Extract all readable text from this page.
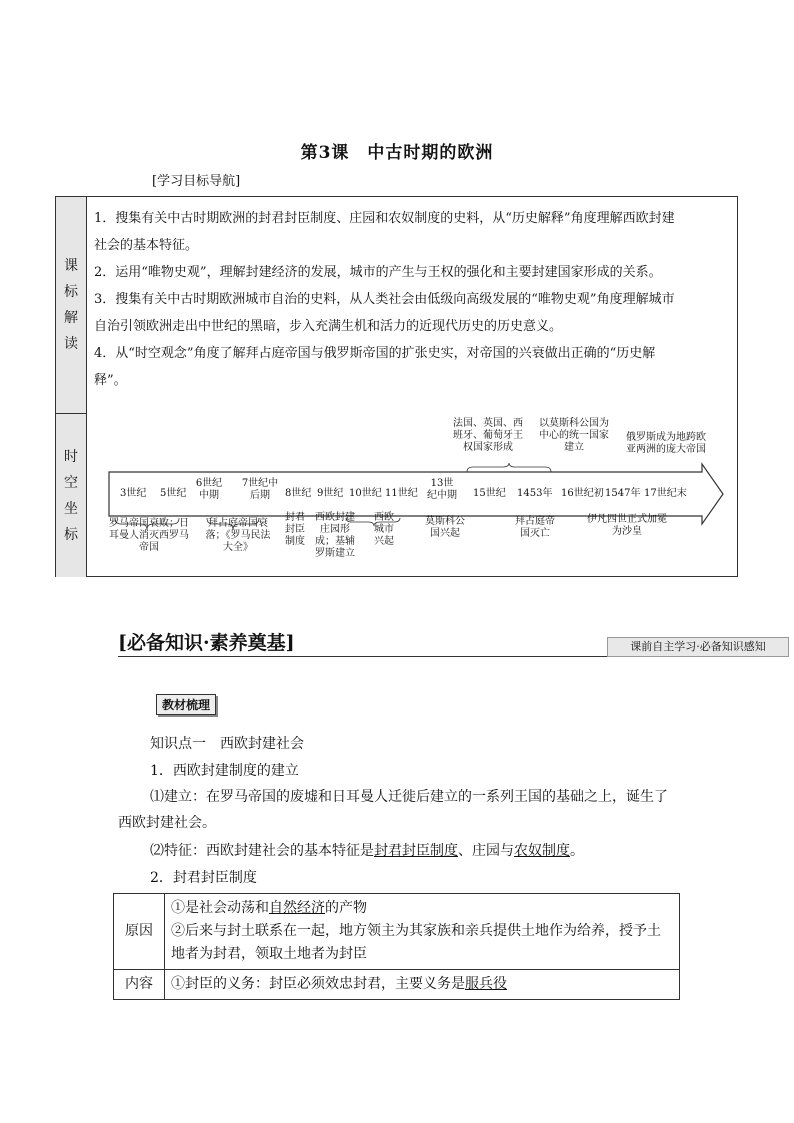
第3课　中古时期的欧洲
[学习目标导航]
课
标
解
读

1．搜集有关中古时期欧洲的封君封臣制度、庄园和农奴制度的史料，从“历史解释”角度理解西欧封建

社会的基本特征。

2．运用“唯物史观”，理解封建经济的发展，城市的产生与王权的强化和主要封建国家形成的关系。

3．搜集有关中古时期欧洲城市自治的史料，从人类社会由低级向高级发展的“唯物史观”角度理解城市

自治引领欧洲走出中世纪的黑暗，步入充满生机和活力的近现代历史的历史意义。

4．从“时空观念”角度了解拜占庭帝国与俄罗斯帝国的扩张史实，对帝国的兴衰做出正确的“历史解

释”。

时
空
坐
标
3世纪 5世纪
6世纪中期
7世纪中后期	8世纪 9世纪 10世纪 11世纪
13世纪中期 15世纪 1453年 16世纪初 1547年 17世纪末
法国、英国、西班牙、葡萄牙王权国家形成
以莫斯科公国为中心的统一国家建立
俄罗斯成为地跨欧亚两洲的庞大帝国
罗马帝国衰败；日耳曼人消灭西罗马帝国
拜占庭帝国衰落；《罗马民法大全》
封君封臣制度
西欧封建庄园形成；基辅罗斯建立
西欧城市兴起
莫斯科公国兴起
拜占庭帝国灭亡
伊凡四世正式加冕为沙皇
[必备知识·素养奠基]	课前自主学习·必备知识感知
教材梳理
知识点一　西欧封建社会
1．西欧封建制度的建立
⑴建立：在罗马帝国的废墟和日耳曼人迁徙后建立的一系列王国的基础之上，诞生了
西欧封建社会。
⑵特征：西欧封建社会的基本特征是封君封臣制度、庄园与农奴制度。
2．封君封臣制度
原因	①是社会动荡和自然经济的产物
②后来与封土联系在一起，地方领主为其家族和亲兵提供土地作为给养，授予土地者为封君，领取土地者为封臣

内容	①封臣的义务：封臣必须效忠封君，主要义务是服兵役
